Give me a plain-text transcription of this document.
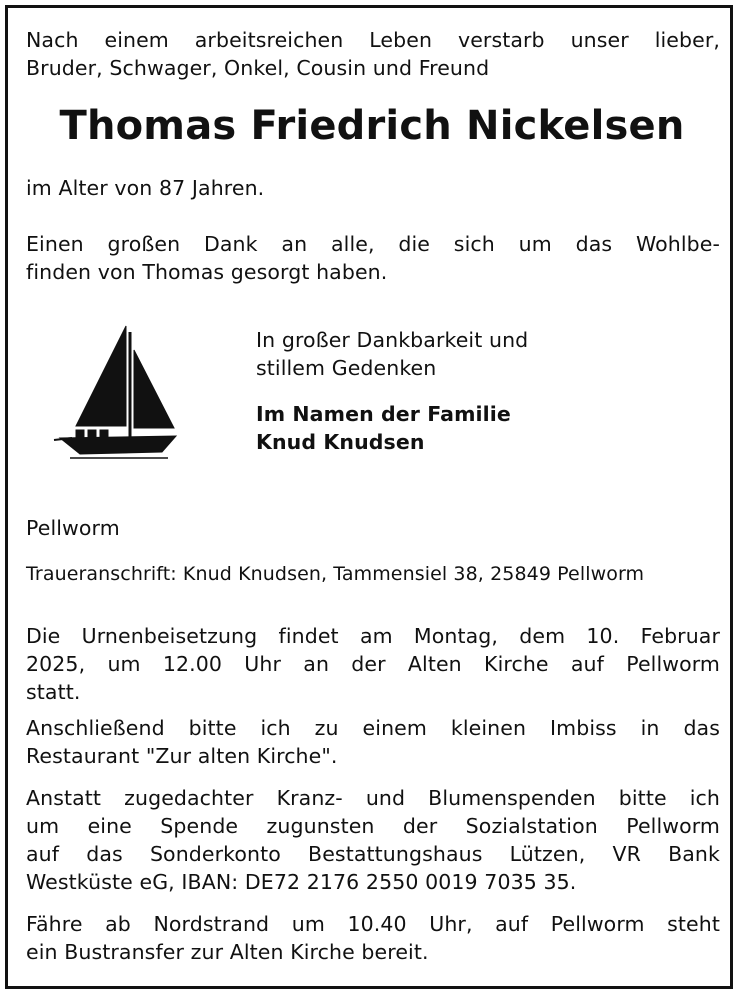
Nach einem arbeitsreichen Leben verstarb unser lieber,

Bruder, Schwager, Onkel, Cousin und Freund

Thomas Friedrich Nickelsen

im Alter von 87 Jahren.

Einen großen Dank an alle, die sich um das Wohlbe-

finden von Thomas gesorgt haben.

In großer Dankbarkeit und

stillem Gedenken

Im Namen der Familie

Knud Knudsen

Pellworm

Traueranschrift: Knud Knudsen, Tammensiel 38, 25849 Pellworm

Die Urnenbeisetzung findet am Montag, dem 10. Februar

2025, um 12.00 Uhr an der Alten Kirche auf Pellworm

statt.

Anschließend bitte ich zu einem kleinen Imbiss in das

Restaurant "Zur alten Kirche".

Anstatt zugedachter Kranz- und Blumenspenden bitte ich

um eine Spende zugunsten der Sozialstation Pellworm

auf das Sonderkonto Bestattungshaus Lützen, VR Bank

Westküste eG, IBAN: DE72 2176 2550 0019 7035 35.

Fähre ab Nordstrand um 10.40 Uhr, auf Pellworm steht

ein Bustransfer zur Alten Kirche bereit.
